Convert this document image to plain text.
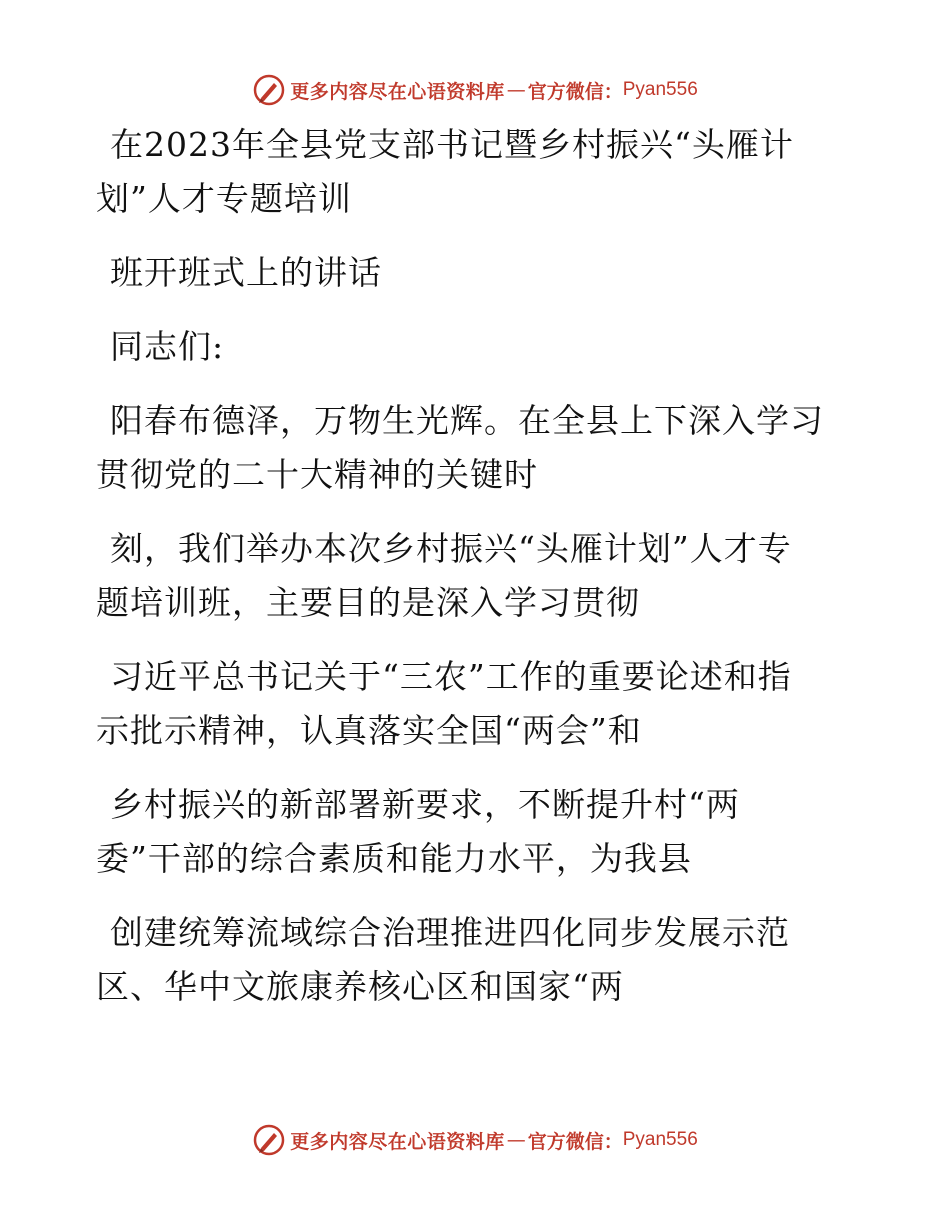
更多内容尽在心语资料库 — 官方微信： Pyan556
在2023年全县党支部书记暨乡村振兴“头雁计
划”人才专题培训
班开班式上的讲话
同志们:
阳春布德泽，万物生光辉。在全县上下深入学习
贯彻党的二十大精神的关键时
刻，我们举办本次乡村振兴“头雁计划”人才专
题培训班，主要目的是深入学习贯彻
习近平总书记关于“三农”工作的重要论述和指
示批示精神，认真落实全国“两会”和
乡村振兴的新部署新要求，不断提升村“两
委”干部的综合素质和能力水平，为我县
创建统筹流域综合治理推进四化同步发展示范
区、华中文旅康养核心区和国家“两
更多内容尽在心语资料库 — 官方微信： Pyan556
